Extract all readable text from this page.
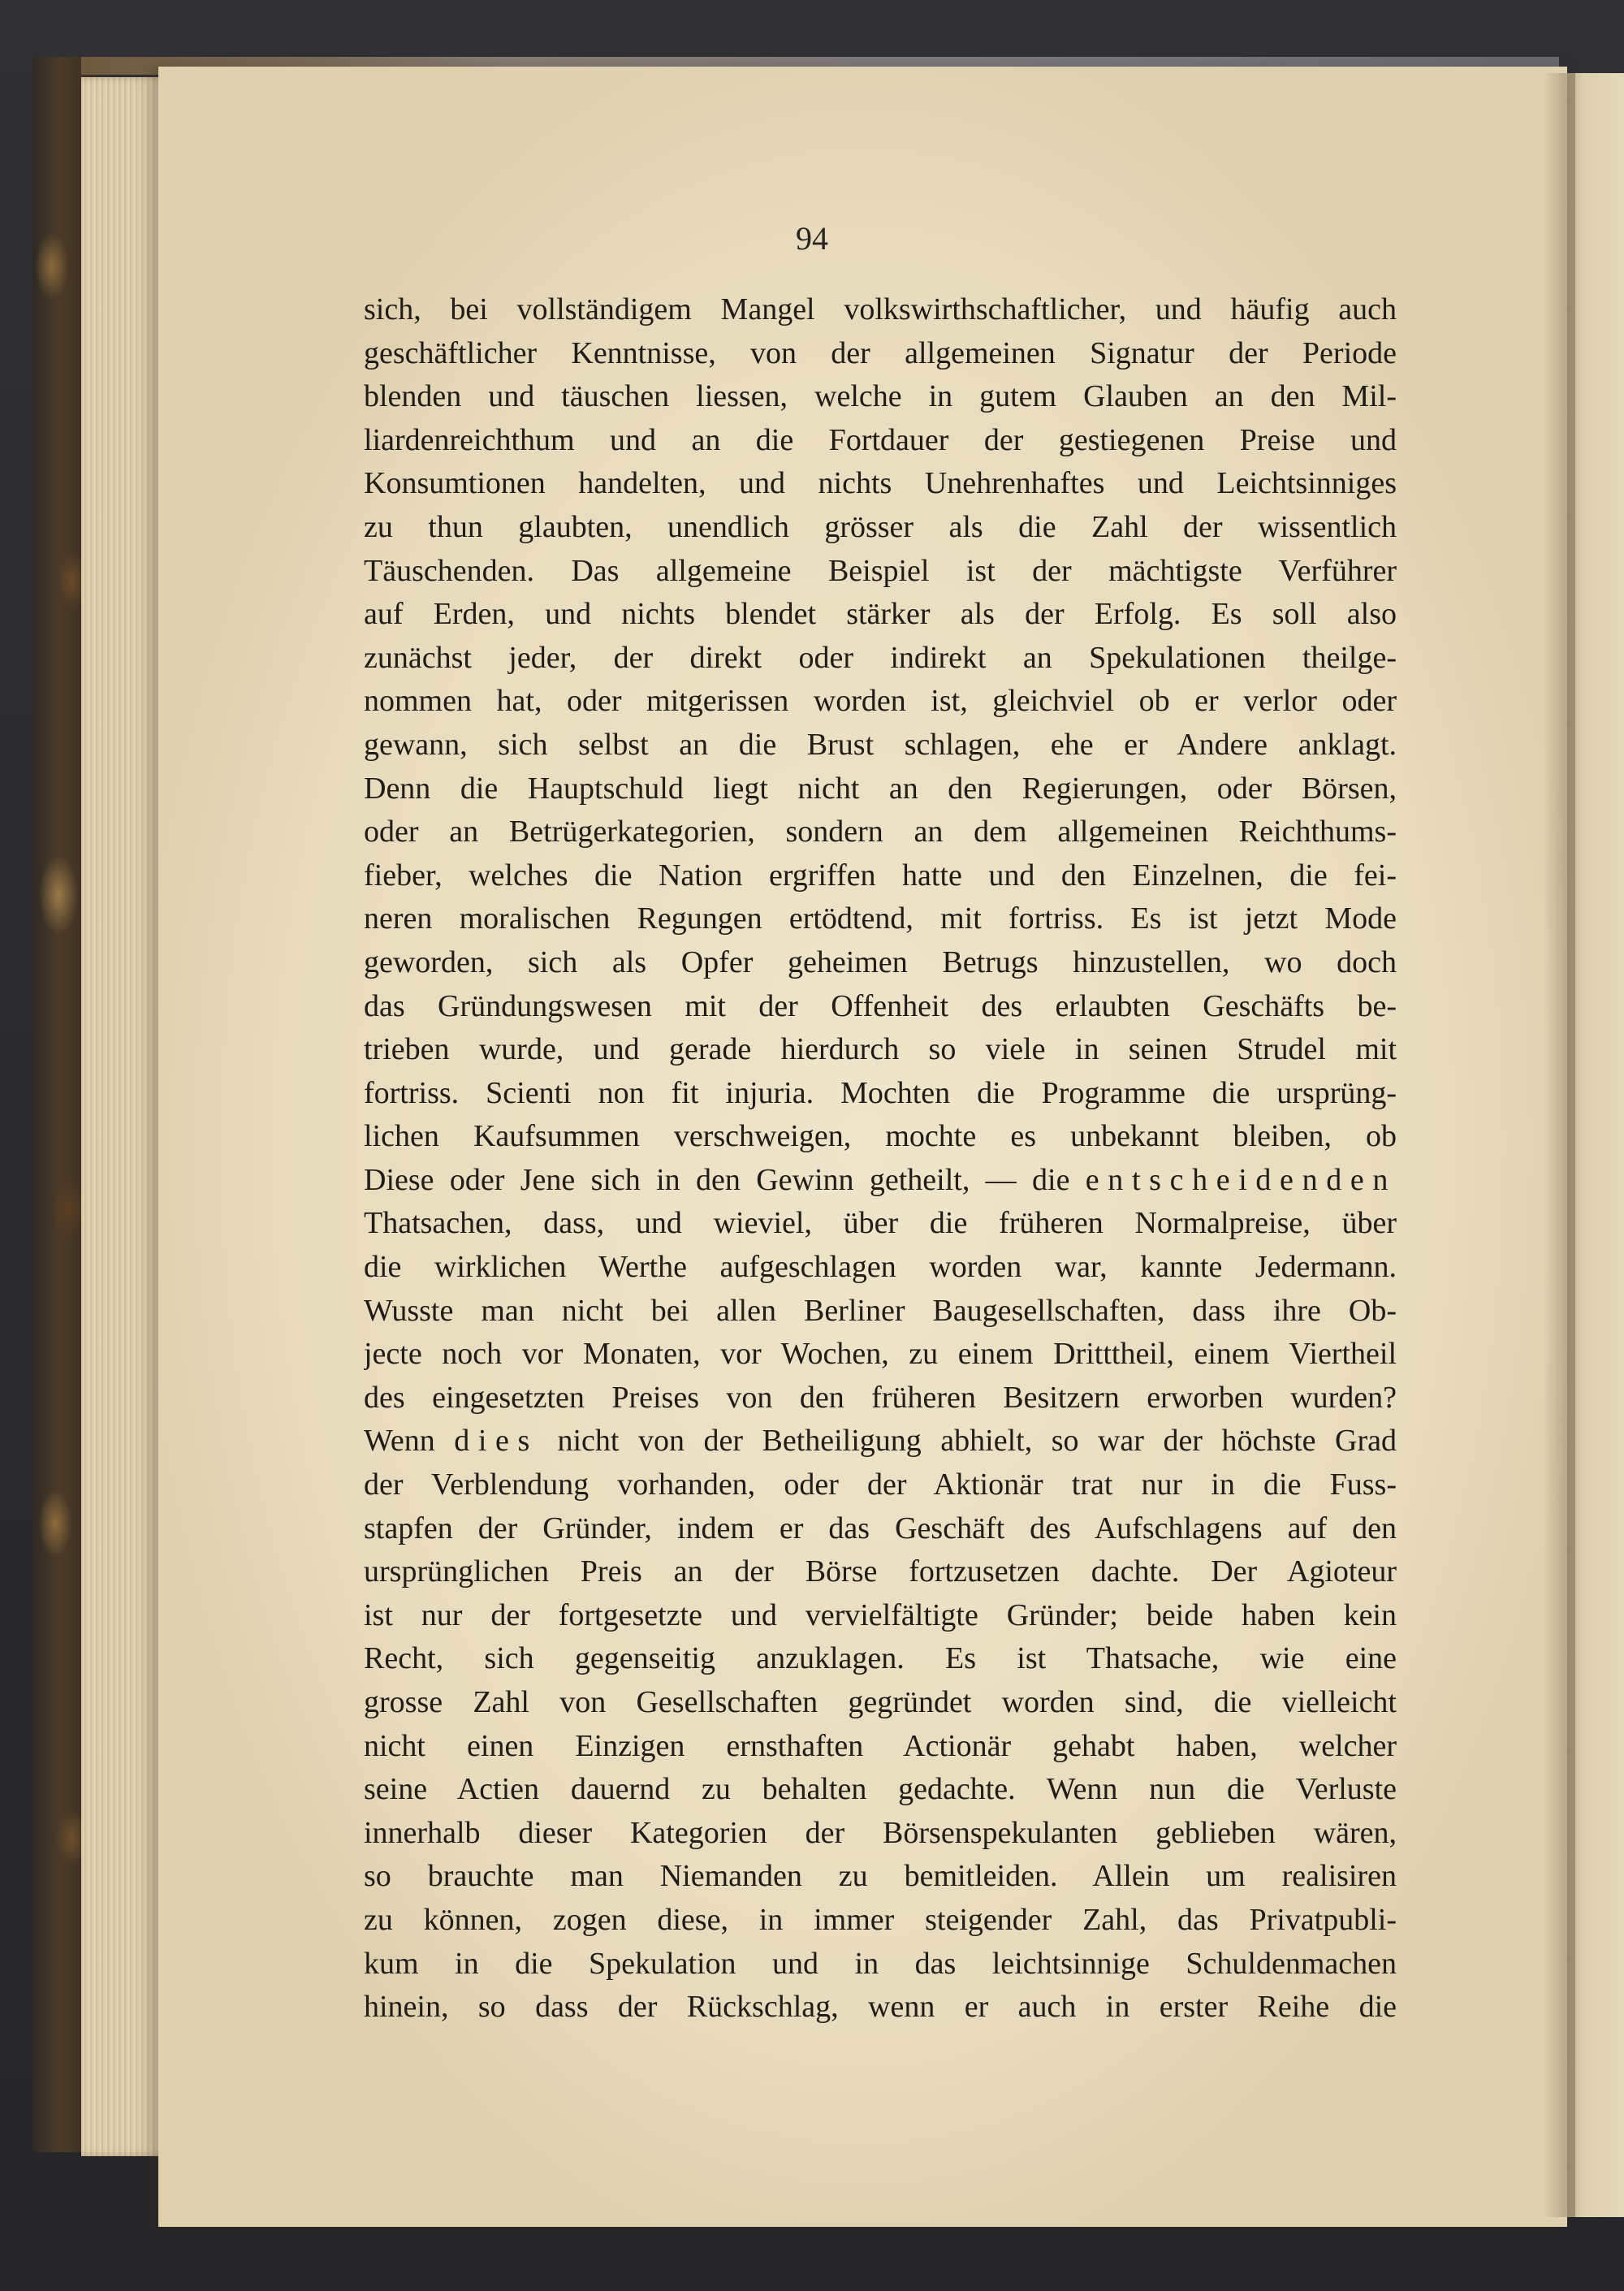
94
sich, bei vollständigem Mangel volkswirthschaftlicher, und häufig auch
geschäftlicher Kenntnisse, von der allgemeinen Signatur der Periode
blenden und täuschen liessen, welche in gutem Glauben an den Mil-
liardenreichthum und an die Fortdauer der gestiegenen Preise und
Konsumtionen handelten, und nichts Unehrenhaftes und Leichtsinniges
zu thun glaubten, unendlich grösser als die Zahl der wissentlich
Täuschenden. Das allgemeine Beispiel ist der mächtigste Verführer
auf Erden, und nichts blendet stärker als der Erfolg. Es soll also
zunächst jeder, der direkt oder indirekt an Spekulationen theilge-
nommen hat, oder mitgerissen worden ist, gleichviel ob er verlor oder
gewann, sich selbst an die Brust schlagen, ehe er Andere anklagt.
Denn die Hauptschuld liegt nicht an den Regierungen, oder Börsen,
oder an Betrügerkategorien, sondern an dem allgemeinen Reichthums-
fieber, welches die Nation ergriffen hatte und den Einzelnen, die fei-
neren moralischen Regungen ertödtend, mit fortriss. Es ist jetzt Mode
geworden, sich als Opfer geheimen Betrugs hinzustellen, wo doch
das Gründungswesen mit der Offenheit des erlaubten Geschäfts be-
trieben wurde, und gerade hierdurch so viele in seinen Strudel mit
fortriss. Scienti non fit injuria. Mochten die Programme die ursprüng-
lichen Kaufsummen verschweigen, mochte es unbekannt bleiben, ob
Diese oder Jene sich in den Gewinn getheilt, — die entscheidenden
Thatsachen, dass, und wieviel, über die früheren Normalpreise, über
die wirklichen Werthe aufgeschlagen worden war, kannte Jedermann.
Wusste man nicht bei allen Berliner Baugesellschaften, dass ihre Ob-
jecte noch vor Monaten, vor Wochen, zu einem Dritttheil, einem Viertheil
des eingesetzten Preises von den früheren Besitzern erworben wurden?
Wenn dies nicht von der Betheiligung abhielt, so war der höchste Grad
der Verblendung vorhanden, oder der Aktionär trat nur in die Fuss-
stapfen der Gründer, indem er das Geschäft des Aufschlagens auf den
ursprünglichen Preis an der Börse fortzusetzen dachte. Der Agioteur
ist nur der fortgesetzte und vervielfältigte Gründer; beide haben kein
Recht, sich gegenseitig anzuklagen. Es ist Thatsache, wie eine
grosse Zahl von Gesellschaften gegründet worden sind, die vielleicht
nicht einen Einzigen ernsthaften Actionär gehabt haben, welcher
seine Actien dauernd zu behalten gedachte. Wenn nun die Verluste
innerhalb dieser Kategorien der Börsenspekulanten geblieben wären,
so brauchte man Niemanden zu bemitleiden. Allein um realisiren
zu können, zogen diese, in immer steigender Zahl, das Privatpubli-
kum in die Spekulation und in das leichtsinnige Schuldenmachen
hinein, so dass der Rückschlag, wenn er auch in erster Reihe die
